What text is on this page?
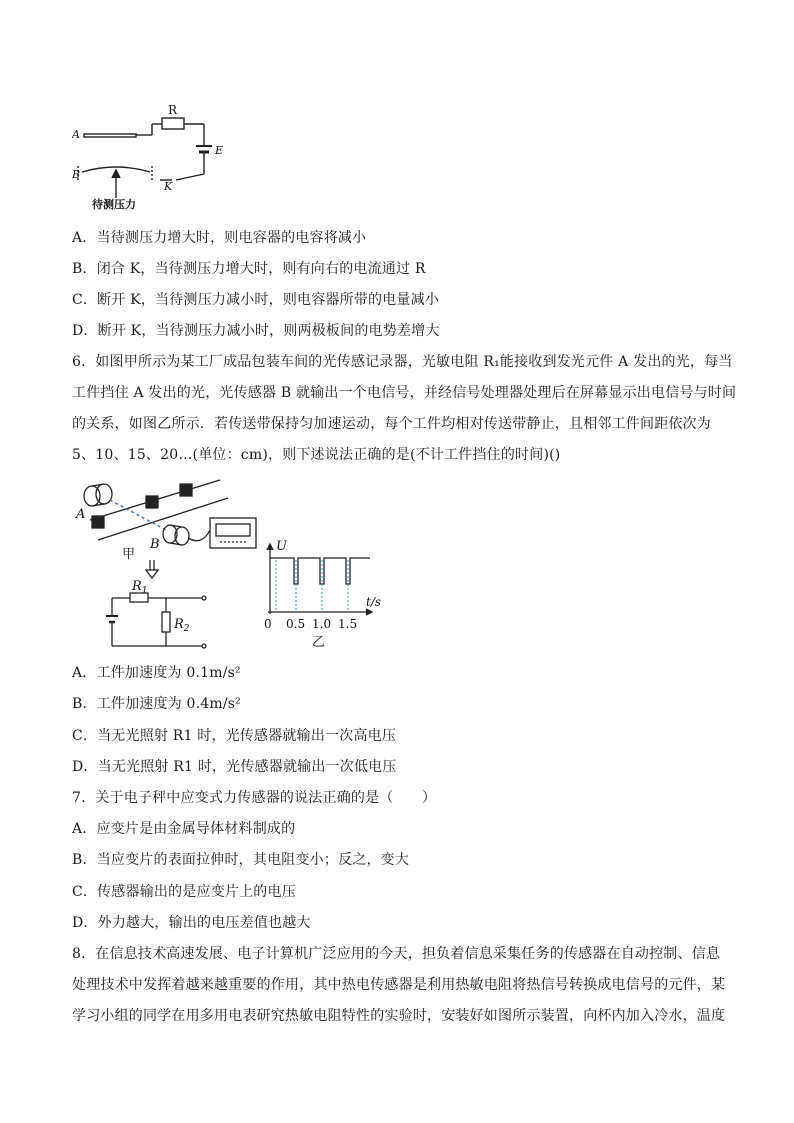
A
B
R
E
K
待测压力
A．当待测压力增大时，则电容器的电容将减小
B．闭合 K，当待测压力增大时，则有向右的电流通过 R
C．断开 K，当待测压力减小时，则电容器所带的电量减小
D．断开 K，当待测压力减小时，则两极板间的电势差增大
6．如图甲所示为某工厂成品包装车间的光传感记录器，光敏电阻 R₁能接收到发光元件 A 发出的光，每当
工件挡住 A 发出的光，光传感器 B 就输出一个电信号，并经信号处理器处理后在屏幕显示出电信号与时间
的关系，如图乙所示．若传送带保持匀加速运动，每个工件均相对传送带静止，且相邻工件间距依次为
5、10、15、20…(单位：cm)，则下述说法正确的是(不计工件挡住的时间)()
A
B
甲
$R_1$
$R_2$
U
t/s
0 0.5 1.0 1.5
乙
A．工件加速度为 0.1m/s²
B．工件加速度为 0.4m/s²
C．当无光照射 R1 时，光传感器就输出一次高电压
D．当无光照射 R1 时，光传感器就输出一次低电压
7．关于电子秤中应变式力传感器的说法正确的是（　　）
A．应变片是由金属导体材料制成的
B．当应变片的表面拉伸时，其电阻变小；反之，变大
C．传感器输出的是应变片上的电压
D．外力越大，输出的电压差值也越大
8．在信息技术高速发展、电子计算机广泛应用的今天，担负着信息采集任务的传感器在自动控制、信息
处理技术中发挥着越来越重要的作用，其中热电传感器是利用热敏电阻将热信号转换成电信号的元件，某
学习小组的同学在用多用电表研究热敏电阻特性的实验时，安装好如图所示装置，向杯内加入冷水，温度
